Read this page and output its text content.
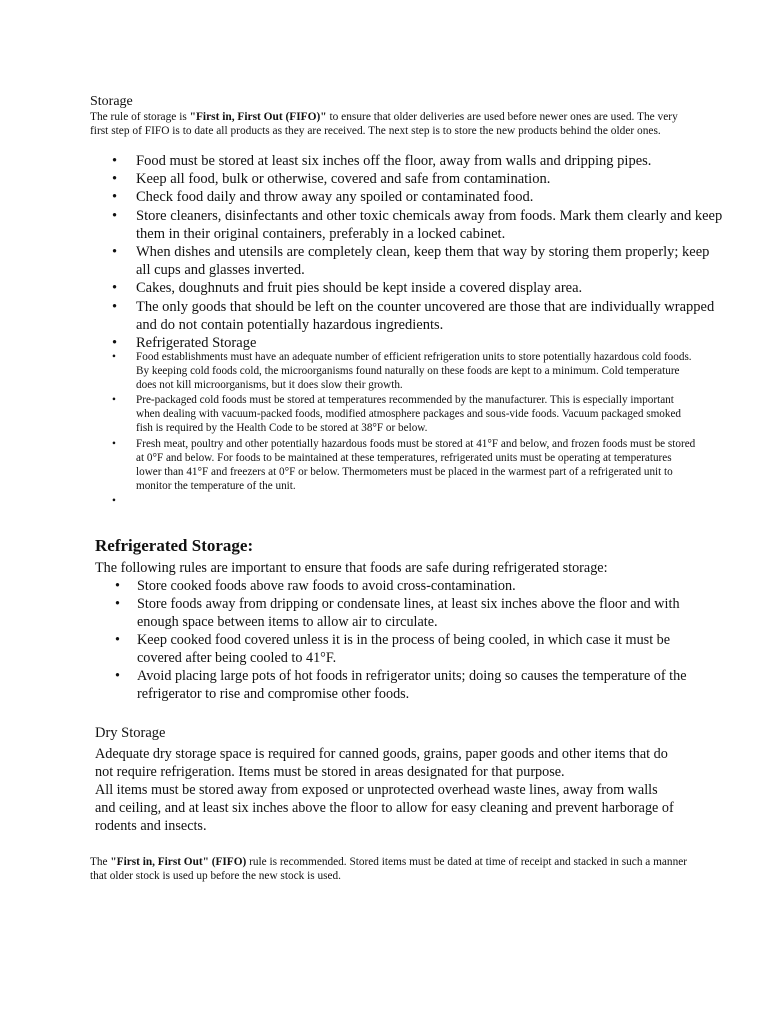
Storage

The rule of storage is "First in, First Out (FIFO)" to ensure that older deliveries are used before newer ones are used. The very first step of FIFO is to date all products as they are received. The next step is to store the new products behind the older ones.

• Food must be stored at least six inches off the floor, away from walls and dripping pipes.
• Keep all food, bulk or otherwise, covered and safe from contamination.
• Check food daily and throw away any spoiled or contaminated food.
• Store cleaners, disinfectants and other toxic chemicals away from foods. Mark them clearly and keep them in their original containers, preferably in a locked cabinet.
• When dishes and utensils are completely clean, keep them that way by storing them properly; keep all cups and glasses inverted.
• Cakes, doughnuts and fruit pies should be kept inside a covered display area.
• The only goods that should be left on the counter uncovered are those that are individually wrapped and do not contain potentially hazardous ingredients.
• Refrigerated Storage
• Food establishments must have an adequate number of efficient refrigeration units to store potentially hazardous cold foods. By keeping cold foods cold, the microorganisms found naturally on these foods are kept to a minimum. Cold temperature does not kill microorganisms, but it does slow their growth.
• Pre-packaged cold foods must be stored at temperatures recommended by the manufacturer. This is especially important when dealing with vacuum-packed foods, modified atmosphere packages and sous-vide foods. Vacuum packaged smoked fish is required by the Health Code to be stored at 38°F or below.
• Fresh meat, poultry and other potentially hazardous foods must be stored at 41°F and below, and frozen foods must be stored at 0°F and below. For foods to be maintained at these temperatures, refrigerated units must be operating at temperatures lower than 41°F and freezers at 0°F or below. Thermometers must be placed in the warmest part of a refrigerated unit to monitor the temperature of the unit.
•
Refrigerated Storage:

The following rules are important to ensure that foods are safe during refrigerated storage:

• Store cooked foods above raw foods to avoid cross-contamination.
• Store foods away from dripping or condensate lines, at least six inches above the floor and with enough space between items to allow air to circulate.
• Keep cooked food covered unless it is in the process of being cooled, in which case it must be covered after being cooled to 41°F.
• Avoid placing large pots of hot foods in refrigerator units; doing so causes the temperature of the refrigerator to rise and compromise other foods.
Dry Storage
Adequate dry storage space is required for canned goods, grains, paper goods and other items that do not require refrigeration. Items must be stored in areas designated for that purpose.
All items must be stored away from exposed or unprotected overhead waste lines, away from walls and ceiling, and at least six inches above the floor to allow for easy cleaning and prevent harborage of rodents and insects.

The "First in, First Out" (FIFO) rule is recommended. Stored items must be dated at time of receipt and stacked in such a manner that older stock is used up before the new stock is used.
